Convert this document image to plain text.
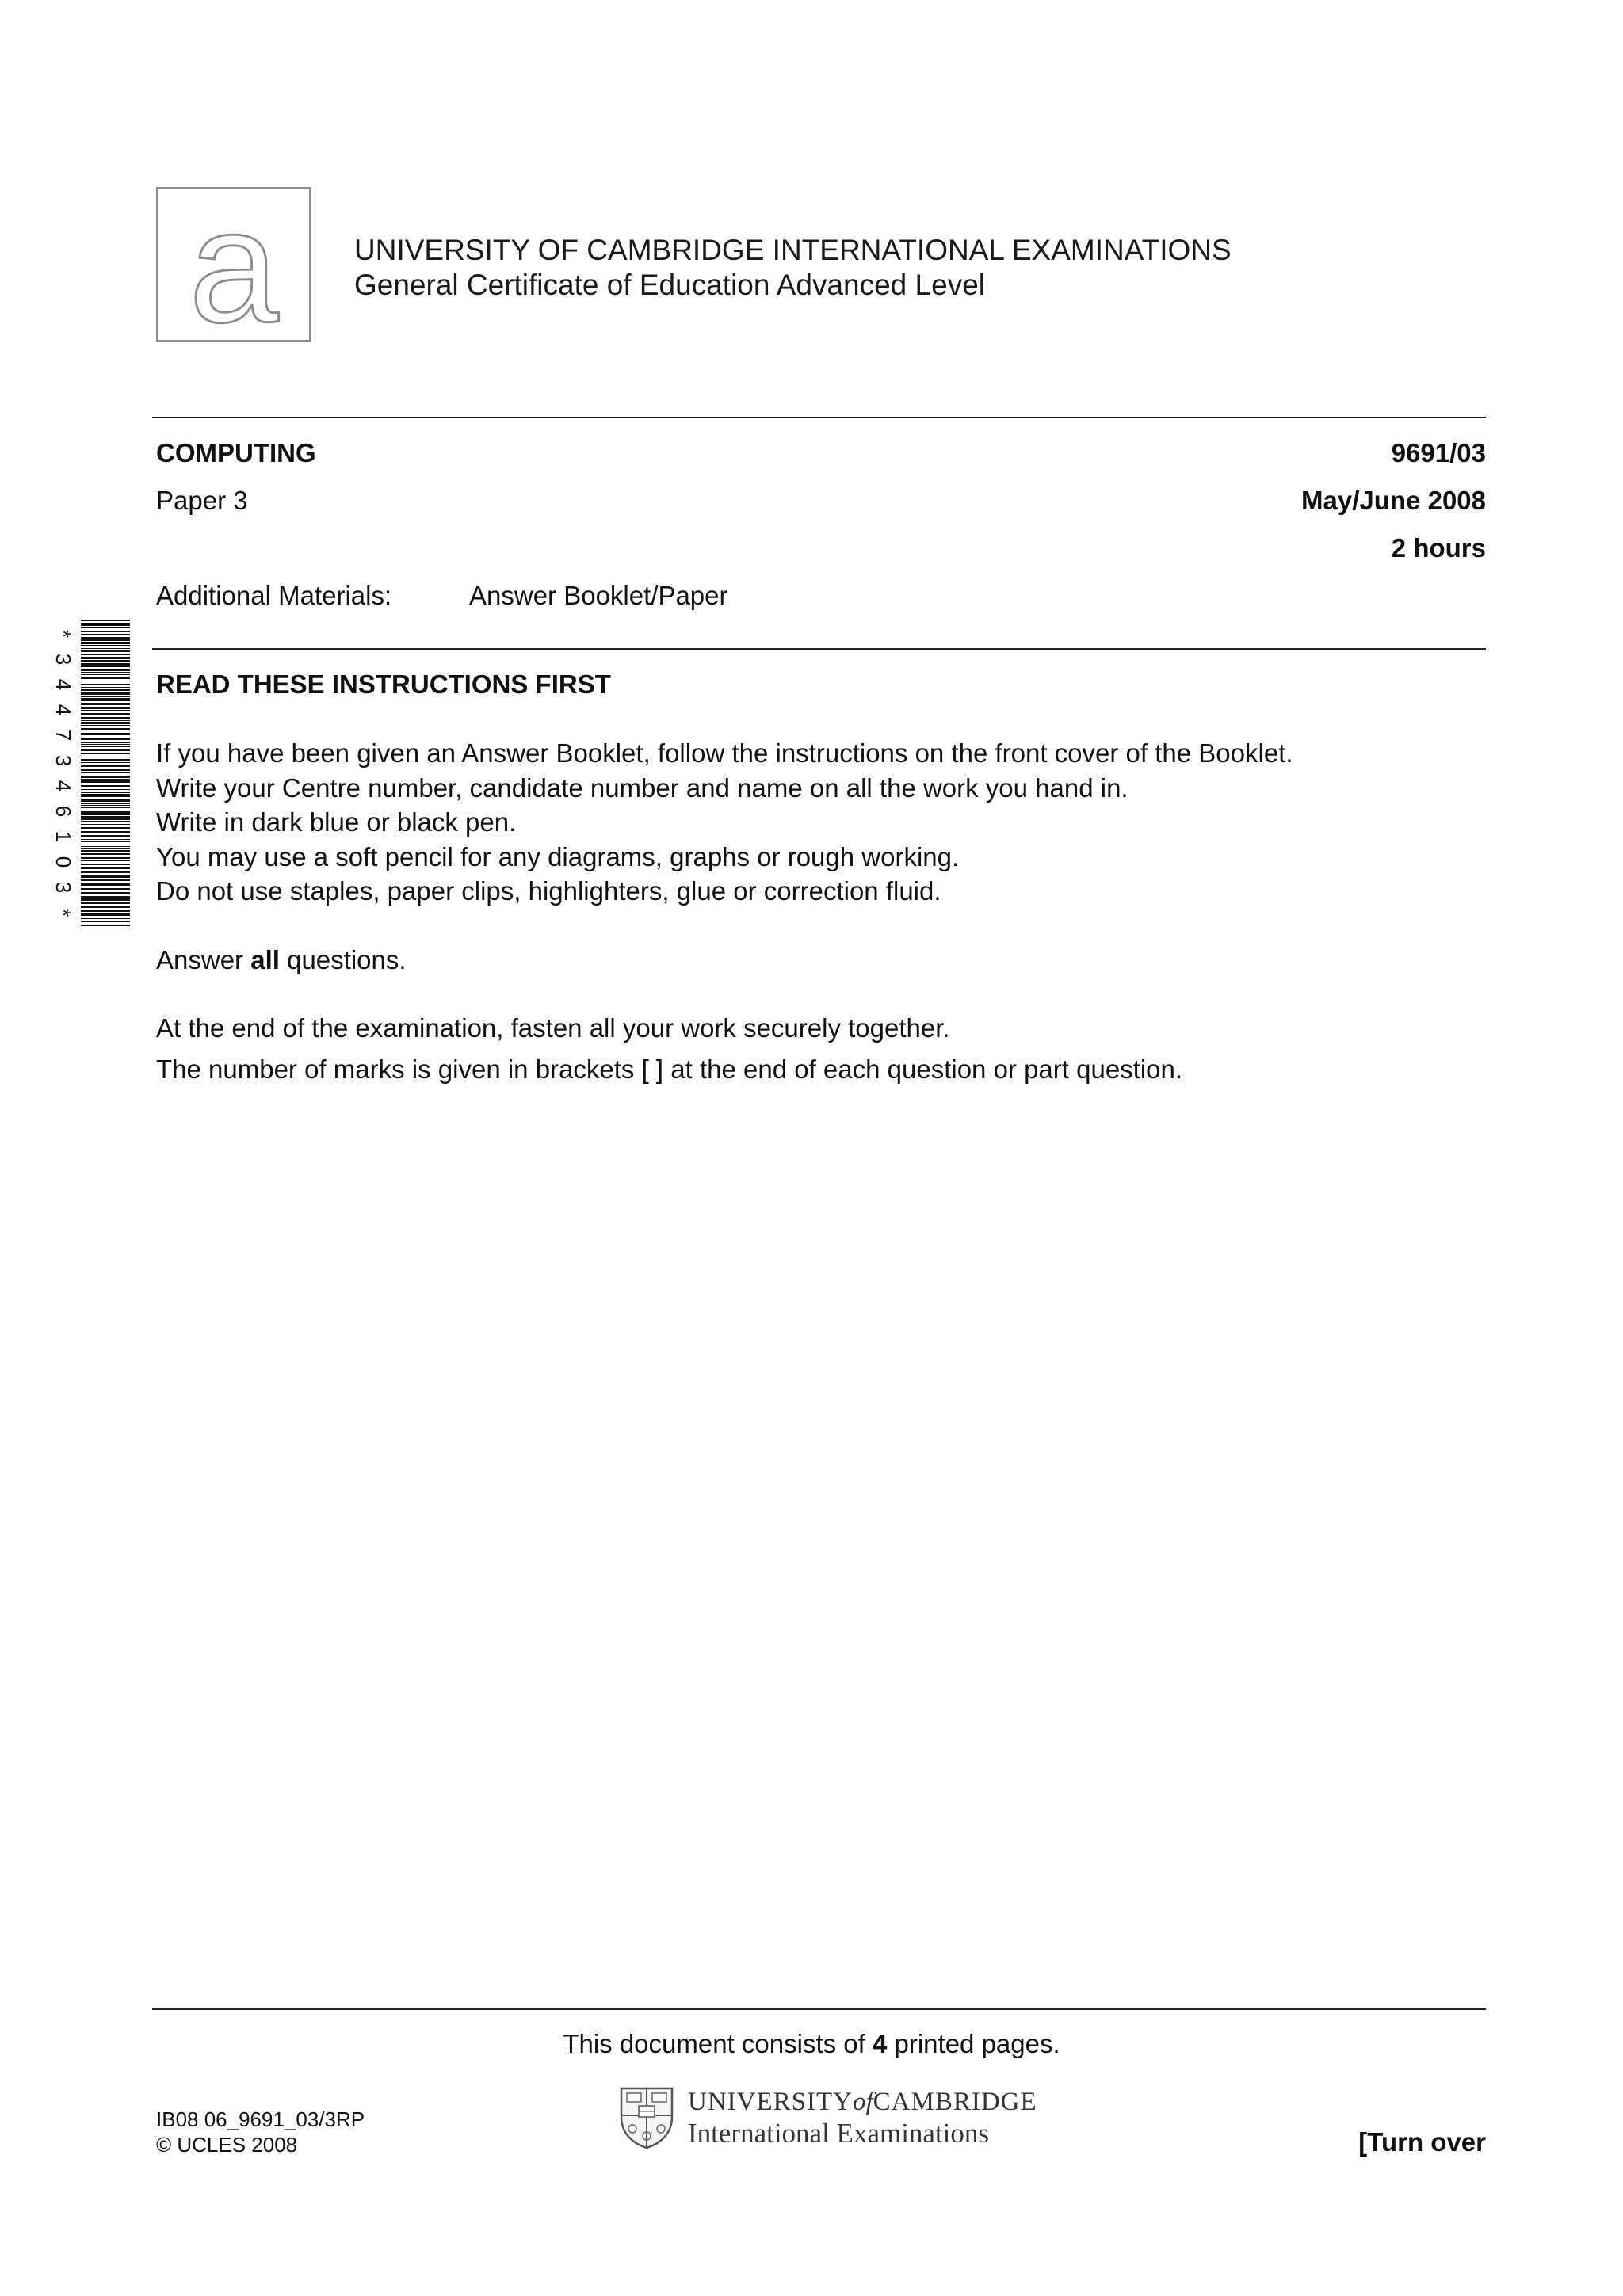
a	UNIVERSITY OF CAMBRIDGE INTERNATIONAL EXAMINATIONS
General Certificate of Education Advanced Level
COMPUTING	9691/03
Paper 3	May/June 2008
2 hours
Additional Materials:	Answer Booklet/Paper
*
3
4
4
7
3
4
6
1
0
3
*
READ THESE INSTRUCTIONS FIRST
If you have been given an Answer Booklet, follow the instructions on the front cover of the Booklet.
Write your Centre number, candidate number and name on all the work you hand in.
Write in dark blue or black pen.
You may use a soft pencil for any diagrams, graphs or rough working.
Do not use staples, paper clips, highlighters, glue or correction fluid.
Answer all questions.
At the end of the examination, fasten all your work securely together.
The number of marks is given in brackets [ ] at the end of each question or part question.
This document consists of 4 printed pages.
IB08 06_9691_03/3RP
© UCLES 2008
UNIVERSITYofCAMBRIDGE
International Examinations	[Turn over
